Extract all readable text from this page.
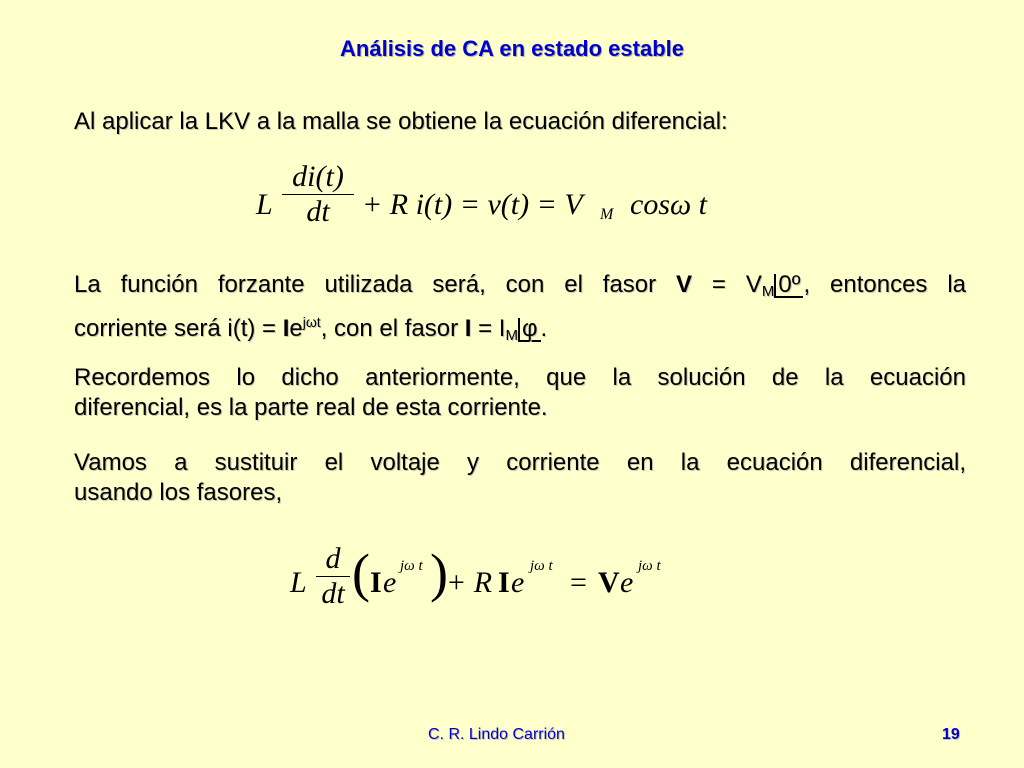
Análisis de CA en estado estable
Al aplicar la LKV a la malla se obtiene la ecuación diferencial:
L
di(t)
dt	+ R i(t) = v(t) = V M cosω t
La función forzante utilizada será, con el fasor $V = V_M$ 0º , entonces la
corriente será $i(t) = Ie^{j\omega t}$, con el fasor $I = I_M$ φ .
Recordemos lo dicho anteriormente, que la solución de la ecuación
diferencial, es la parte real de esta corriente.
Vamos a sustituir el voltaje y corriente en la ecuación diferencial,
usando los fasores,
L
d
dt ( I e jω t )
+ R I e jω t = V e jω t
C. R. Lindo Carrión	19
